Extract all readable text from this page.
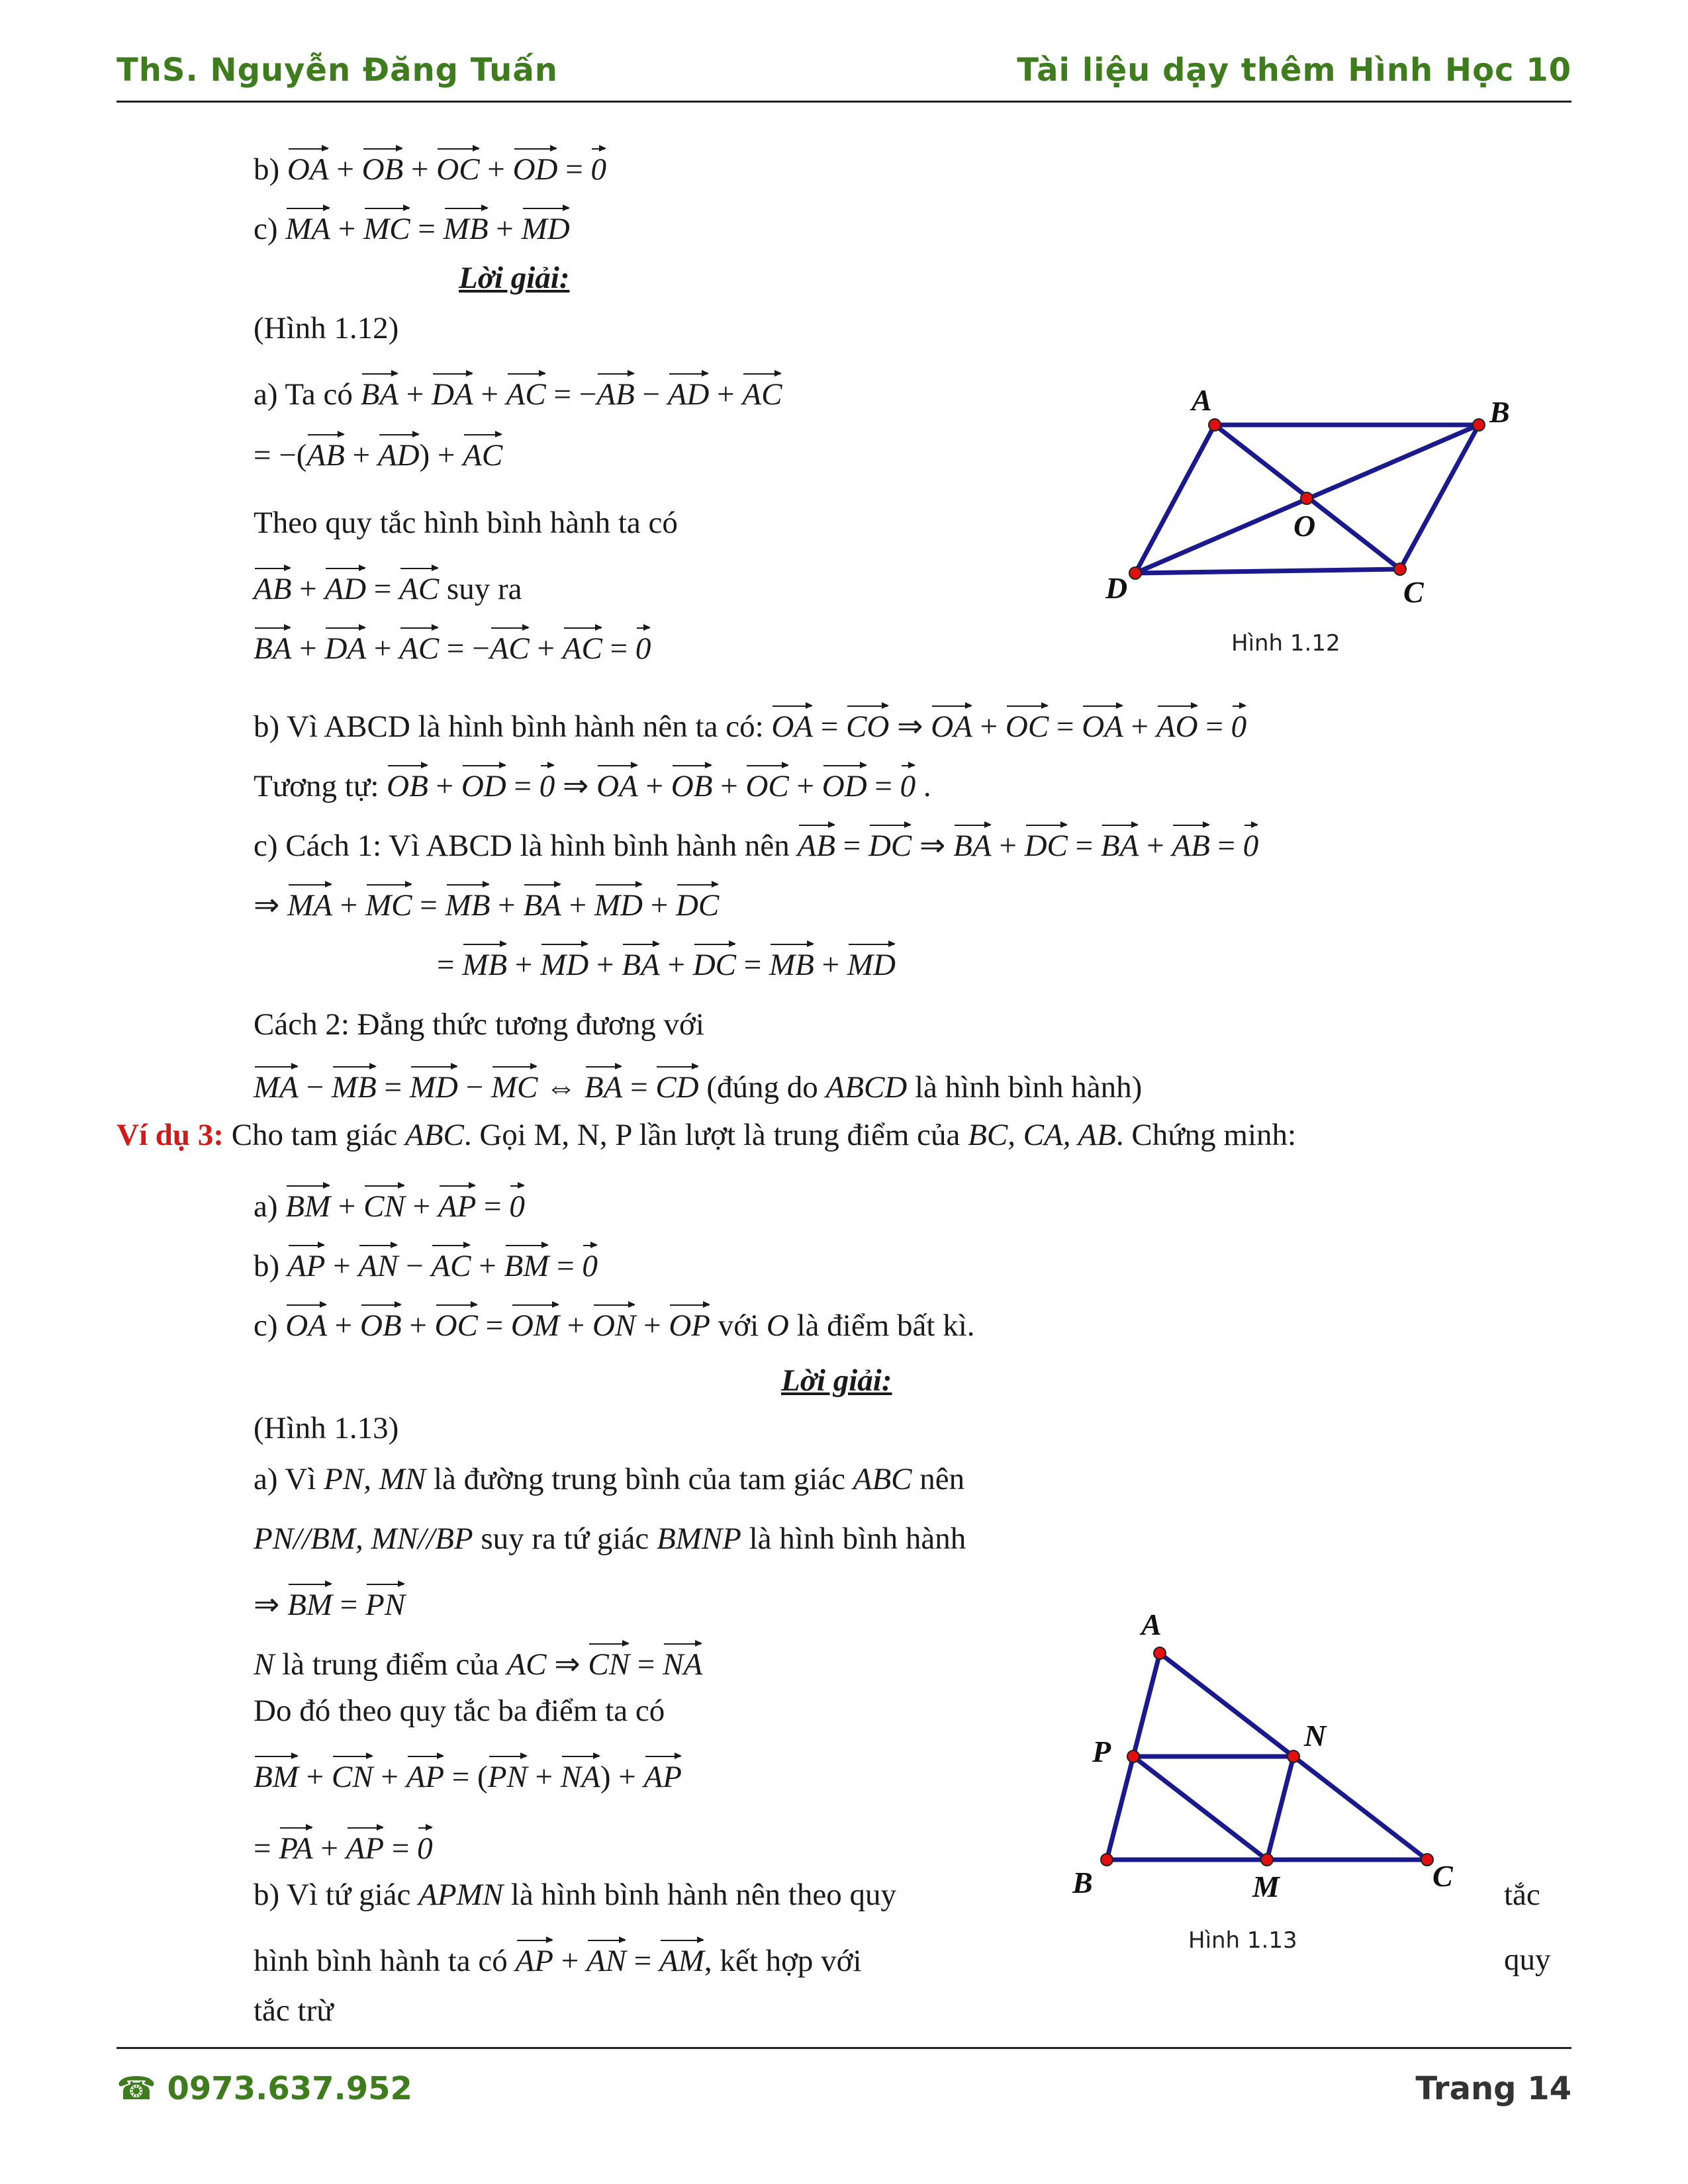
ThS. Nguyễn Đăng Tuấn	Tài liệu dạy thêm Hình Học 10
b) OA + OB + OC + OD = 0
c) MA + MC = MB + MD
Lời giải:
(Hình 1.12)
a) Ta có BA + DA + AC = −AB − AD + AC
= −(AB + AD) + AC
Theo quy tắc hình bình hành ta có
AB + AD = AC suy ra
BA + DA + AC = −AC + AC = 0
A	B
C
D
O
Hình 1.12
b) Vì ABCD là hình bình hành nên ta có: OA = CO ⇒ OA + OC = OA + AO = 0
Tương tự: OB + OD = 0 ⇒ OA + OB + OC + OD = 0 .
c) Cách 1: Vì ABCD là hình bình hành nên AB = DC ⇒ BA + DC = BA + AB = 0
⇒ MA + MC = MB + BA + MD + DC
= MB + MD + BA + DC = MB + MD
Cách 2: Đẳng thức tương đương với
MA − MB = MD − MC ⇔ BA = CD (đúng do ABCD là hình bình hành)
Ví dụ 3: Cho tam giác ABC. Gọi M, N, P lần lượt là trung điểm của BC, CA, AB. Chứng minh:
a) BM + CN + AP = 0
b) AP + AN − AC + BM = 0
c) OA + OB + OC = OM + ON + OP với O là điểm bất kì.
Lời giải:
(Hình 1.13)
a) Vì PN, MN là đường trung bình của tam giác ABC nên
PN//BM, MN//BP suy ra tứ giác BMNP là hình bình hành
⇒ BM = PN
N là trung điểm của AC ⇒ CN = NA
Do đó theo quy tắc ba điểm ta có
BM + CN + AP = (PN + NA) + AP
= PA + AP = 0
b) Vì tứ giác APMN là hình bình hành nên theo quy	tắc
hình bình hành ta có AP + AN = AM, kết hợp với	quy
tắc trừ
A
B	C
M
N
P
Hình 1.13
☎ 0973.637.952	Trang 14
